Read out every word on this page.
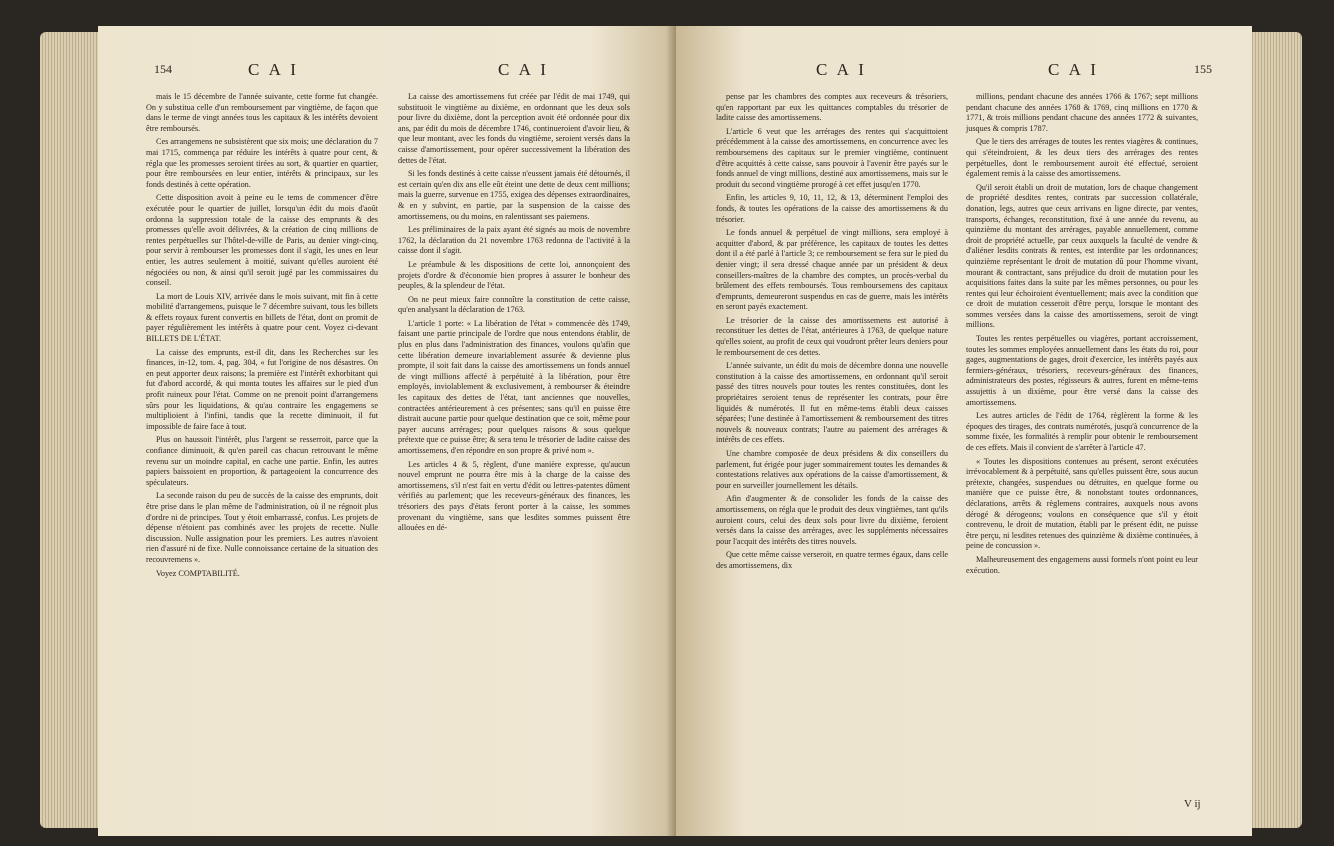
154	C A I	C A I

mais le 15 décembre de l'année suivante, cette forme fut changée. On y substitua celle d'un remboursement par vingtième, de façon que dans le terme de vingt années tous les capitaux & les intérêts devoient être remboursés.

Ces arrangemens ne subsistèrent que six mois; une déclaration du 7 mai 1715, commença par réduire les intérêts à quatre pour cent, & régla que les promesses seroient tirées au sort, & quartier en quartier, pour être remboursées en leur entier, intérêts & principaux, sur les fonds destinés à cette opération.

Cette disposition avoit à peine eu le tems de commencer d'être exécutée pour le quartier de juillet, lorsqu'un édit du mois d'août ordonna la suppression totale de la caisse des emprunts & des promesses qu'elle avoit délivrées, & la création de cinq millions de rentes perpétuelles sur l'hôtel-de-ville de Paris, au denier vingt-cinq, pour servir à rembourser les promesses dont il s'agit, les unes en leur entier, les autres seulement à moitié, suivant qu'elles auroient été négociées ou non, & ainsi qu'il seroit jugé par les commissaires du conseil.

La mort de Louis XIV, arrivée dans le mois suivant, mit fin à cette mobilité d'arrangemens, puisque le 7 décembre suivant, tous les billets & effets royaux furent convertis en billets de l'état, dont on promit de payer régulièrement les intérêts à quatre pour cent. Voyez ci-devant BILLETS DE L'ÉTAT.

La caisse des emprunts, est-il dit, dans les Recherches sur les finances, in-12, tom. 4, pag. 304, « fut l'origine de nos désastres. On en peut apporter deux raisons; la première est l'intérêt exhorbitant qui fut d'abord accordé, & qui monta toutes les affaires sur le pied d'un profit ruineux pour l'état. Comme on ne prenoit point d'arrangemens sûrs pour les liquidations, & qu'au contraire les engagemens se multiplioient à l'infini, tandis que la recette diminuoit, il fut impossible de faire face à tout.

Plus on haussoit l'intérêt, plus l'argent se resserroit, parce que la confiance diminuoit, & qu'en pareil cas chacun retrouvant le même revenu sur un moindre capital, en cache une partie. Enfin, les autres papiers baissoient en proportion, & partageoient la concurrence des spéculateurs.

La seconde raison du peu de succès de la caisse des emprunts, doit être prise dans le plan même de l'administration, où il ne régnoit plus d'ordre ni de principes. Tout y étoit embarrassé, confus. Les projets de dépense n'étoient pas combinés avec les projets de recette. Nulle discussion. Nulle assignation pour les premiers. Les autres n'avoient rien d'assuré ni de fixe. Nulle connoissance certaine de la situation des recouvremens ».

Voyez COMPTABILITÉ.

La caisse des amortissemens fut créée par l'édit de mai 1749, qui substituoit le vingtième au dixième, en ordonnant que les deux sols pour livre du dixième, dont la perception avoit été ordonnée pour dix ans, par édit du mois de décembre 1746, continueroient d'avoir lieu, & que leur montant, avec les fonds du vingtième, seroient versés dans la caisse d'amortissement, pour opérer successivement la libération des dettes de l'état.

Si les fonds destinés à cette caisse n'eussent jamais été détournés, il est certain qu'en dix ans elle eût éteint une dette de deux cent millions; mais la guerre, survenue en 1755, exigea des dépenses extraordinaires, & en y subvint, en partie, par la suspension de la caisse des amortissemens, ou du moins, en ralentissant ses paiemens.

Les préliminaires de la paix ayant été signés au mois de novembre 1762, la déclaration du 21 novembre 1763 redonna de l'activité à la caisse dont il s'agit.

Le préambule & les dispositions de cette loi, annonçoient des projets d'ordre & d'économie bien propres à assurer le bonheur des peuples, & la splendeur de l'état.

On ne peut mieux faire connoître la constitution de cette caisse, qu'en analysant la déclaration de 1763.

L'article 1 porte: « La libération de l'état » commencée dès 1749, faisant une partie principale de l'ordre que nous entendons établir, de plus en plus dans l'administration des finances, voulons qu'afin que cette libération demeure invariablement assurée & devienne plus prompte, il soit fait dans la caisse des amortissemens un fonds annuel de vingt millions affecté à perpétuité à la libération, pour être employés, inviolablement & exclusivement, à rembourser & éteindre les capitaux des dettes de l'état, tant anciennes que nouvelles, contractées antérieurement à ces présentes; sans qu'il en puisse être distrait aucune partie pour quelque destination que ce soit, même pour payer aucuns arrérages; pour quelques raisons & sous quelque prétexte que ce puisse être; & sera tenu le trésorier de ladite caisse des amortissemens, d'en répondre en son propre & privé nom ».

Les articles 4 & 5, règlent, d'une manière expresse, qu'aucun nouvel emprunt ne pourra être mis à la charge de la caisse des amortissemens, s'il n'est fait en vertu d'édit ou lettres-patentes dûment vérifiés au parlement; que les receveurs-généraux des finances, les trésoriers des pays d'états feront porter à la caisse, les sommes provenant du vingtième, sans que lesdites sommes puissent être allouées en dé-

C A I	C A I	155

pense par les chambres des comptes aux receveurs & trésoriers, qu'en rapportant par eux les quittances comptables du trésorier de ladite caisse des amortissemens.

L'article 6 veut que les arrérages des rentes qui s'acquittoient précédemment à la caisse des amortissemens, en concurrence avec les remboursemens des capitaux sur le premier vingtième, continuent d'être acquittés à cette caisse, sans pouvoir à l'avenir être payés sur le fonds annuel de vingt millions, destiné aux amortissemens, mais sur le produit du second vingtième prorogé à cet effet jusqu'en 1770.

Enfin, les articles 9, 10, 11, 12, & 13, déterminent l'emploi des fonds, & toutes les opérations de la caisse des amortissemens & du trésorier.

Le fonds annuel & perpétuel de vingt millions, sera employé à acquitter d'abord, & par préférence, les capitaux de toutes les dettes dont il a été parlé à l'article 3; ce remboursement se fera sur le pied du denier vingt; il sera dressé chaque année par un président & deux conseillers-maîtres de la chambre des comptes, un procès-verbal du brûlement des effets remboursés. Tous remboursemens des capitaux d'emprunts, demeureront suspendus en cas de guerre, mais les intérêts en seront payés exactement.

Le trésorier de la caisse des amortissemens est autorisé à reconstituer les dettes de l'état, antérieures à 1763, de quelque nature qu'elles soient, au profit de ceux qui voudront prêter leurs deniers pour le remboursement de ces dettes.

L'année suivante, un édit du mois de décembre donna une nouvelle constitution à la caisse des amortissemens, en ordonnant qu'il seroit passé des titres nouvels pour toutes les rentes constituées, dont les propriétaires seroient tenus de représenter les contrats, pour être liquidés & numérotés. Il fut en même-tems établi deux caisses séparées; l'une destinée à l'amortissement & remboursement des titres nouvels & nouveaux contrats; l'autre au paiement des arrérages & intérêts de ces effets.

Une chambre composée de deux présidens & dix conseillers du parlement, fut érigée pour juger sommairement toutes les demandes & contestations relatives aux opérations de la caisse d'amortissement, & pour en surveiller journellement les détails.

Afin d'augmenter & de consolider les fonds de la caisse des amortissemens, on régla que le produit des deux vingtièmes, tant qu'ils auroient cours, celui des deux sols pour livre du dixième, feroient versés dans la caisse des arrérages, avec les suppléments nécessaires pour l'acquit des intérêts des titres nouvels.

Que cette même caisse verseroit, en quatre termes égaux, dans celle des amortissemens, dix

millions, pendant chacune des années 1766 & 1767; sept millions pendant chacune des années 1768 & 1769, cinq millions en 1770 & 1771, & trois millions pendant chacune des années 1772 & suivantes, jusques & compris 1787.

Que le tiers des arrérages de toutes les rentes viagères & continues, qui s'éteindroient, & les deux tiers des arrérages des rentes perpétuelles, dont le remboursement auroit été effectué, seroient également remis à la caisse des amortissemens.

Qu'il seroit établi un droit de mutation, lors de chaque changement de propriété desdites rentes, contrats par succession collatérale, donation, legs, autres que ceux arrivans en ligne directe, par ventes, transports, échanges, reconstitution, fixé à une année du revenu, au quinzième du montant des arrérages, payable annuellement, comme droit de propriété actuelle, par ceux auxquels la faculté de vendre & d'aliéner lesdits contrats & rentes, est interdite par les ordonnances; quinzième représentant le droit de mutation dû pour l'homme vivant, mourant & contractant, sans préjudice du droit de mutation pour les acquisitions faites dans la suite par les mêmes personnes, ou pour les rentes qui leur échoiroient éventuellement; mais avec la condition que ce droit de mutation cesseroit d'être perçu, lorsque le montant des sommes versées dans la caisse des amortissemens, seroit de vingt millions.

Toutes les rentes perpétuelles ou viagères, portant accroissement, toutes les sommes employées annuellement dans les états du roi, pour gages, augmentations de gages, droit d'exercice, les intérêts payés aux fermiers-généraux, trésoriers, receveurs-généraux des finances, administrateurs des postes, régisseurs & autres, furent en même-tems assujettis à un dixième, pour être versé dans la caisse des amortissemens.

Les autres articles de l'édit de 1764, règlèrent la forme & les époques des tirages, des contrats numérotés, jusqu'à concurrence de la somme fixée, les formalités à remplir pour obtenir le remboursement de ces effets. Mais il convient de s'arrêter à l'article 47.

« Toutes les dispositions contenues au présent, seront exécutées irrévocablement & à perpétuité, sans qu'elles puissent être, sous aucun prétexte, changées, suspendues ou détruites, en quelque forme ou manière que ce puisse être, & nonobstant toutes ordonnances, déclarations, arrêts & règlemens contraires, auxquels nous avons dérogé & dérogeons; voulons en conséquence que s'il y étoit contrevenu, le droit de mutation, établi par le présent édit, ne puisse être perçu, ni lesdites retenues des quinzième & dixième continuées, à peine de concussion ».

Malheureusement des engagemens aussi formels n'ont point eu leur exécution.

V ij
